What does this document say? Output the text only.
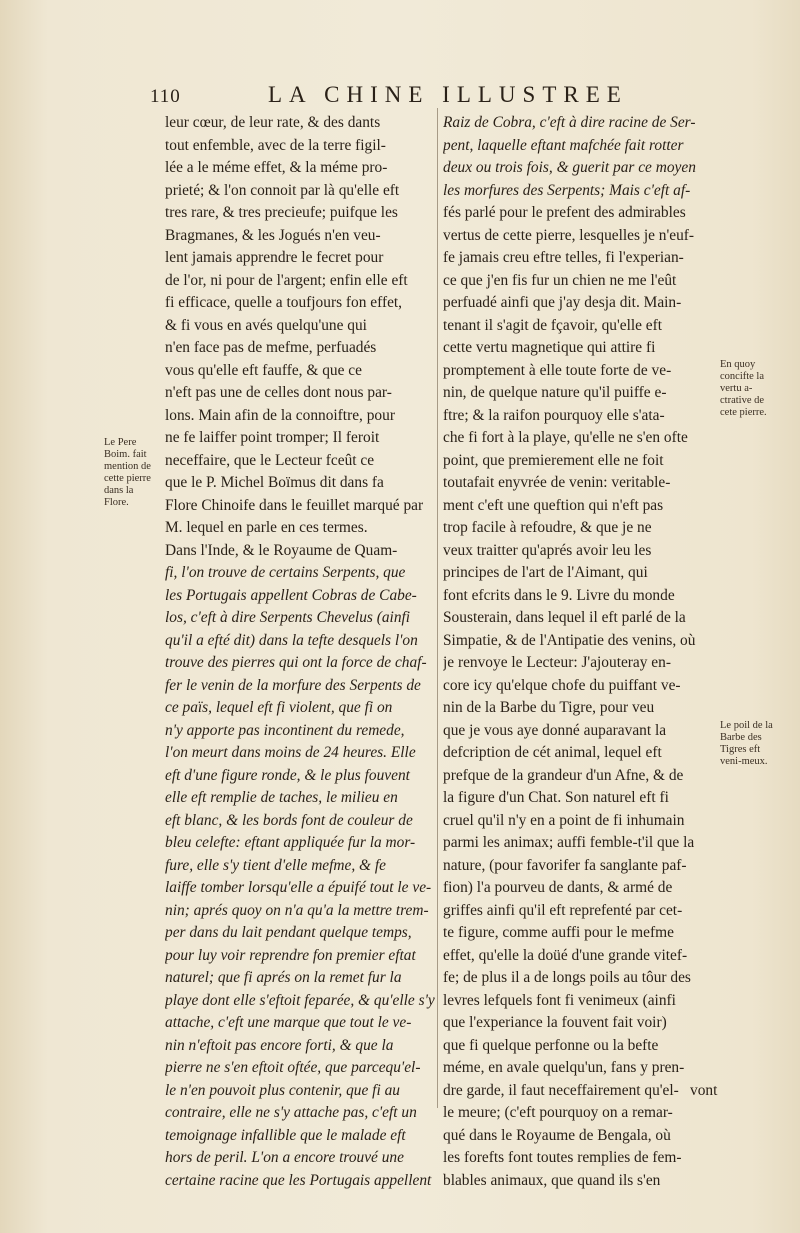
110	LA CHINE ILLUSTREE
leur cœur, de leur rate, & des dants
tout enfemble, avec de la terre figil-
lée a le méme effet, & la méme pro-
prieté; & l'on connoit par là qu'elle eft
tres rare, & tres precieufe; puifque les
Bragmanes, & les Jogués n'en veu-
lent jamais apprendre le fecret pour
de l'or, ni pour de l'argent; enfin elle eft
fi efficace, quelle a toufjours fon effet,
& fi vous en avés quelqu'une qui
n'en face pas de mefme, perfuadés
vous qu'elle eft fauffe, & que ce
n'eft pas une de celles dont nous par-
lons. Main afin de la connoiftre, pour
ne fe laiffer point tromper; Il feroit
neceffaire, que le Lecteur fceût ce
que le P. Michel Boïmus dit dans fa
Flore Chinoife dans le feuillet marqué par
M. lequel en parle en ces termes.
Dans l'Inde, & le Royaume de Quam-
fi, l'on trouve de certains Serpents, que
les Portugais appellent Cobras de Cabe-
los, c'eft à dire Serpents Chevelus (ainfi
qu'il a efté dit) dans la tefte desquels l'on
trouve des pierres qui ont la force de chaf-
fer le venin de la morfure des Serpents de
ce païs, lequel eft fi violent, que fi on
n'y apporte pas incontinent du remede,
l'on meurt dans moins de 24 heures. Elle
eft d'une figure ronde, & le plus fouvent
elle eft remplie de taches, le milieu en
eft blanc, & les bords font de couleur de
bleu celefte: eftant appliquée fur la mor-
fure, elle s'y tient d'elle mefme, & fe
laiffe tomber lorsqu'elle a épuifé tout le ve-
nin; aprés quoy on n'a qu'a la mettre trem-
per dans du lait pendant quelque temps,
pour luy voir reprendre fon premier eftat
naturel; que fi aprés on la remet fur la
playe dont elle s'eftoit feparée, & qu'elle s'y
attache, c'eft une marque que tout le ve-
nin n'eftoit pas encore forti, & que la
pierre ne s'en eftoit oftée, que parcequ'el-
le n'en pouvoit plus contenir, que fi au
contraire, elle ne s'y attache pas, c'eft un
temoignage infallible que le malade eft
hors de peril. L'on a encore trouvé une
certaine racine que les Portugais appellent
Raiz de Cobra, c'eft à dire racine de Ser-
pent, laquelle eftant mafchée fait rotter
deux ou trois fois, & guerit par ce moyen
les morfures des Serpents; Mais c'eft af-
fés parlé pour le prefent des admirables
vertus de cette pierre, lesquelles je n'euf-
fe jamais creu eftre telles, fi l'experian-
ce que j'en fis fur un chien ne me l'eût
perfuadé ainfi que j'ay desja dit. Main-
tenant il s'agit de fçavoir, qu'elle eft
cette vertu magnetique qui attire fi
promptement à elle toute forte de ve-
nin, de quelque nature qu'il puiffe e-
ftre; & la raifon pourquoy elle s'ata-
che fi fort à la playe, qu'elle ne s'en ofte
point, que premierement elle ne foit
toutafait enyvrée de venin: veritable-
ment c'eft une queftion qui n'eft pas
trop facile à refoudre, & que je ne
veux traitter qu'aprés avoir leu les
principes de l'art de l'Aimant, qui
font efcrits dans le 9. Livre du monde
Sousterain, dans lequel il eft parlé de la
Simpatie, & de l'Antipatie des venins, où
je renvoye le Lecteur: J'ajouteray en-
core icy qu'elque chofe du puiffant ve-
nin de la Barbe du Tigre, pour veu
que je vous aye donné auparavant la
defcription de cét animal, lequel eft
prefque de la grandeur d'un Afne, & de
la figure d'un Chat. Son naturel eft fi
cruel qu'il n'y en a point de fi inhumain
parmi les animax; auffi femble-t'il que la
nature, (pour favorifer fa sanglante paf-
fion) l'a pourveu de dants, & armé de
griffes ainfi qu'il eft reprefenté par cet-
te figure, comme auffi pour le mefme
effet, qu'elle la doüé d'une grande vitef-
fe; de plus il a de longs poils au tôur des
levres lefquels font fi venimeux (ainfi
que l'experiance la fouvent fait voir)
que fi quelque perfonne ou la befte
méme, en avale quelqu'un, fans y pren-
dre garde, il faut neceffairement qu'el-
le meure; (c'eft pourquoy on a remar-
qué dans le Royaume de Bengala, où
les forefts font toutes remplies de fem-
blables animaux, que quand ils s'en
Le Pere Boim. fait mention de cette pierre dans la Flore.
En quoy concifte la vertu a-ctrative de cete pierre.
Le poil de la Barbe des Tigres eft veni-meux.
vont
